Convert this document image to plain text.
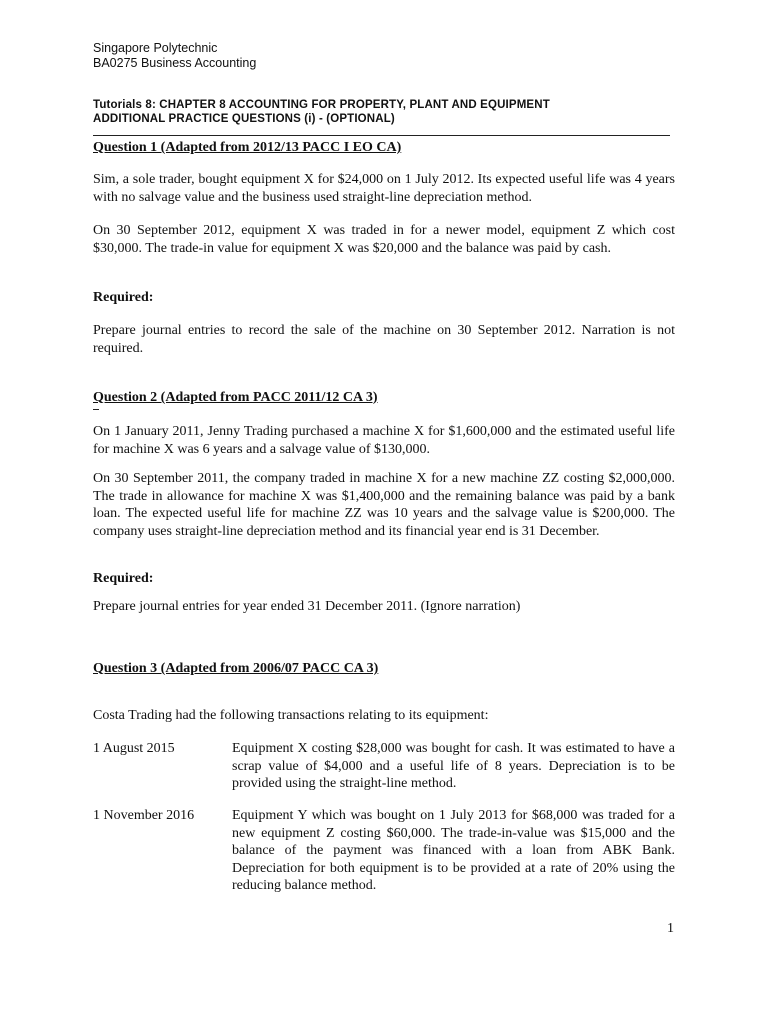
Singapore Polytechnic
BA0275 Business Accounting
Tutorials 8: CHAPTER 8 ACCOUNTING FOR PROPERTY, PLANT AND EQUIPMENT
ADDITIONAL PRACTICE QUESTIONS (i) - (OPTIONAL)
Question 1 (Adapted from 2012/13 PACC I EO CA)
Sim, a sole trader, bought equipment X for $24,000 on 1 July 2012. Its expected useful life was 4 years with no salvage value and the business used straight-line depreciation method.
On 30 September 2012, equipment X was traded in for a newer model, equipment Z which cost $30,000. The trade-in value for equipment X was $20,000 and the balance was paid by cash.
Required:
Prepare journal entries to record the sale of the machine on 30 September 2012. Narration is not required.
Question 2 (Adapted from PACC 2011/12 CA 3)
On 1 January 2011, Jenny Trading purchased a machine X for $1,600,000 and the estimated useful life for machine X was 6 years and a salvage value of $130,000.
On 30 September 2011, the company traded in machine X for a new machine ZZ costing $2,000,000. The trade in allowance for machine X was $1,400,000 and the remaining balance was paid by a bank loan. The expected useful life for machine ZZ was 10 years and the salvage value is $200,000. The company uses straight-line depreciation method and its financial year end is 31 December.
Required:
Prepare journal entries for year ended 31 December 2011. (Ignore narration)
Question 3 (Adapted from 2006/07 PACC CA 3)
Costa Trading had the following transactions relating to its equipment:
1 August 2015	Equipment X costing $28,000 was bought for cash. It was estimated to have a scrap value of $4,000 and a useful life of 8 years. Depreciation is to be provided using the straight-line method.
1 November 2016	Equipment Y which was bought on 1 July 2013 for $68,000 was traded for a new equipment Z costing $60,000. The trade-in-value was $15,000 and the balance of the payment was financed with a loan from ABK Bank. Depreciation for both equipment is to be provided at a rate of 20% using the reducing balance method.
1
